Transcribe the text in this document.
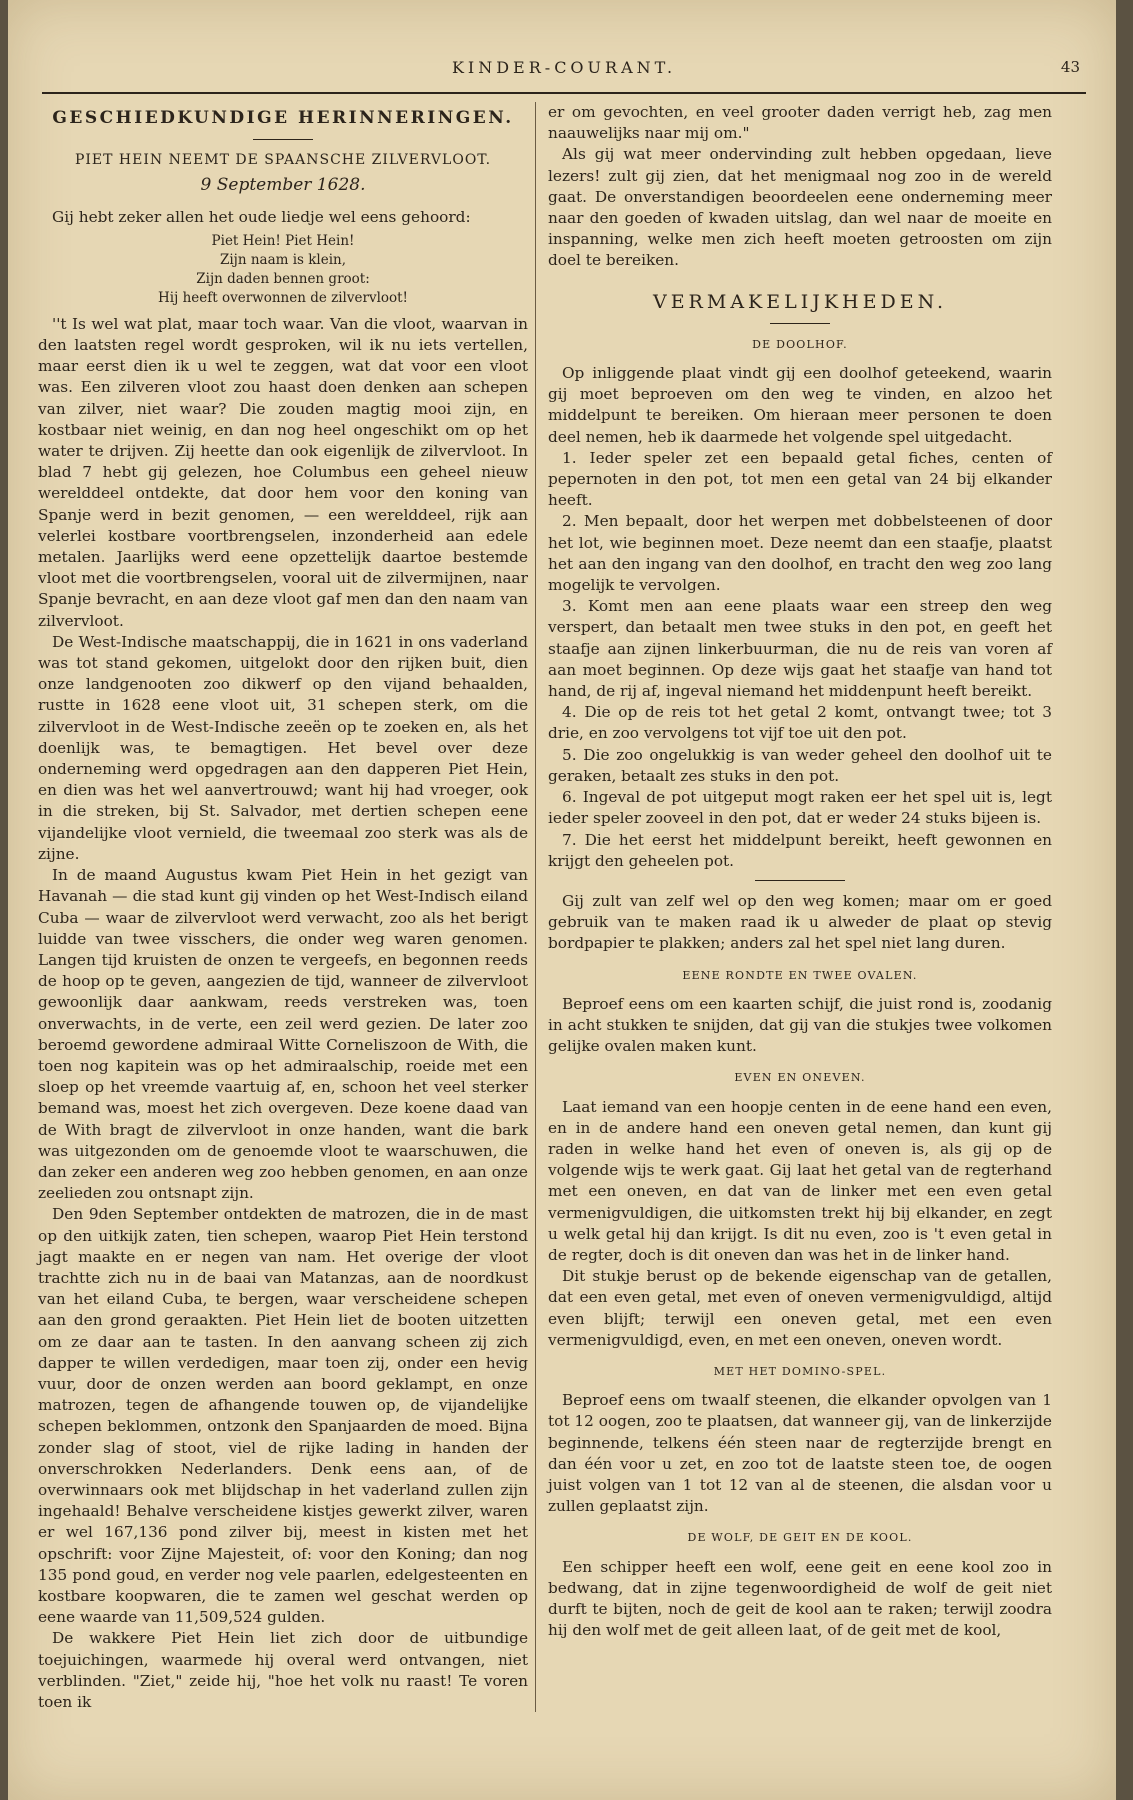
KINDER-COURANT.	43
GESCHIEDKUNDIGE HERINNERINGEN.
PIET HEIN NEEMT DE SPAANSCHE ZILVERVLOOT.
9 September 1628.

Gij hebt zeker allen het oude liedje wel eens gehoord:

Piet Hein! Piet Hein!
Zijn naam is klein,
Zijn daden bennen groot:
Hij heeft overwonnen de zilvervloot!

''t Is wel wat plat, maar toch waar. Van die vloot, waarvan in den laatsten regel wordt gesproken, wil ik nu iets vertellen, maar eerst dien ik u wel te zeggen, wat dat voor een vloot was. Een zilveren vloot zou haast doen denken aan schepen van zilver, niet waar? Die zouden magtig mooi zijn, en kostbaar niet weinig, en dan nog heel ongeschikt om op het water te drijven. Zij heette dan ook eigenlijk de zilvervloot. In blad 7 hebt gij gelezen, hoe Columbus een geheel nieuw werelddeel ontdekte, dat door hem voor den koning van Spanje werd in bezit genomen, — een werelddeel, rijk aan velerlei kostbare voortbrengselen, inzonderheid aan edele metalen. Jaarlijks werd eene opzettelijk daartoe bestemde vloot met die voortbrengselen, vooral uit de zilvermijnen, naar Spanje bevracht, en aan deze vloot gaf men dan den naam van zilvervloot.

De West-Indische maatschappij, die in 1621 in ons vaderland was tot stand gekomen, uitgelokt door den rijken buit, dien onze landgenooten zoo dikwerf op den vijand behaalden, rustte in 1628 eene vloot uit, 31 schepen sterk, om die zilvervloot in de West-Indische zeeën op te zoeken en, als het doenlijk was, te bemagtigen. Het bevel over deze onderneming werd opgedragen aan den dapperen Piet Hein, en dien was het wel aanvertrouwd; want hij had vroeger, ook in die streken, bij St. Salvador, met dertien schepen eene vijandelijke vloot vernield, die tweemaal zoo sterk was als de zijne.

In de maand Augustus kwam Piet Hein in het gezigt van Havanah — die stad kunt gij vinden op het West-Indisch eiland Cuba — waar de zilvervloot werd verwacht, zoo als het berigt luidde van twee visschers, die onder weg waren genomen. Langen tijd kruisten de onzen te vergeefs, en begonnen reeds de hoop op te geven, aangezien de tijd, wanneer de zilvervloot gewoonlijk daar aankwam, reeds verstreken was, toen onverwachts, in de verte, een zeil werd gezien. De later zoo beroemd gewordene admiraal Witte Corneliszoon de With, die toen nog kapitein was op het admiraalschip, roeide met een sloep op het vreemde vaartuig af, en, schoon het veel sterker bemand was, moest het zich overgeven. Deze koene daad van de With bragt de zilvervloot in onze handen, want die bark was uitgezonden om de genoemde vloot te waarschuwen, die dan zeker een anderen weg zoo hebben genomen, en aan onze zeelieden zou ontsnapt zijn.

Den 9den September ontdekten de matrozen, die in de mast op den uitkijk zaten, tien schepen, waarop Piet Hein terstond jagt maakte en er negen van nam. Het overige der vloot trachtte zich nu in de baai van Matanzas, aan de noordkust van het eiland Cuba, te bergen, waar verscheidene schepen aan den grond geraakten. Piet Hein liet de booten uitzetten om ze daar aan te tasten. In den aanvang scheen zij zich dapper te willen verdedigen, maar toen zij, onder een hevig vuur, door de onzen werden aan boord geklampt, en onze matrozen, tegen de afhangende touwen op, de vijandelijke schepen beklommen, ontzonk den Spanjaarden de moed. Bijna zonder slag of stoot, viel de rijke lading in handen der onverschrokken Nederlanders. Denk eens aan, of de overwinnaars ook met blijdschap in het vaderland zullen zijn ingehaald! Behalve verscheidene kistjes gewerkt zilver, waren er wel 167,136 pond zilver bij, meest in kisten met het opschrift: voor Zijne Majesteit, of: voor den Koning; dan nog 135 pond goud, en verder nog vele paarlen, edelgesteenten en kostbare koopwaren, die te zamen wel geschat werden op eene waarde van 11,509,524 gulden.

De wakkere Piet Hein liet zich door de uitbundige toejuichingen, waarmede hij overal werd ontvangen, niet verblinden. "Ziet," zeide hij, "hoe het volk nu raast! Te voren toen ik

er om gevochten, en veel grooter daden verrigt heb, zag men naauwelijks naar mij om."

Als gij wat meer ondervinding zult hebben opgedaan, lieve lezers! zult gij zien, dat het menigmaal nog zoo in de wereld gaat. De onverstandigen beoordeelen eene onderneming meer naar den goeden of kwaden uitslag, dan wel naar de moeite en inspanning, welke men zich heeft moeten getroosten om zijn doel te bereiken.

VERMAKELIJKHEDEN.
DE DOOLHOF.

Op inliggende plaat vindt gij een doolhof geteekend, waarin gij moet beproeven om den weg te vinden, en alzoo het middelpunt te bereiken. Om hieraan meer personen te doen deel nemen, heb ik daarmede het volgende spel uitgedacht.

1. Ieder speler zet een bepaald getal fiches, centen of pepernoten in den pot, tot men een getal van 24 bij elkander heeft.
2. Men bepaalt, door het werpen met dobbelsteenen of door het lot, wie beginnen moet. Deze neemt dan een staafje, plaatst het aan den ingang van den doolhof, en tracht den weg zoo lang mogelijk te vervolgen.
3. Komt men aan eene plaats waar een streep den weg verspert, dan betaalt men twee stuks in den pot, en geeft het staafje aan zijnen linkerbuurman, die nu de reis van voren af aan moet beginnen. Op deze wijs gaat het staafje van hand tot hand, de rij af, ingeval niemand het middenpunt heeft bereikt.
4. Die op de reis tot het getal 2 komt, ontvangt twee; tot 3 drie, en zoo vervolgens tot vijf toe uit den pot.
5. Die zoo ongelukkig is van weder geheel den doolhof uit te geraken, betaalt zes stuks in den pot.
6. Ingeval de pot uitgeput mogt raken eer het spel uit is, legt ieder speler zooveel in den pot, dat er weder 24 stuks bijeen is.
7. Die het eerst het middelpunt bereikt, heeft gewonnen en krijgt den geheelen pot.

Gij zult van zelf wel op den weg komen; maar om er goed gebruik van te maken raad ik u alweder de plaat op stevig bordpapier te plakken; anders zal het spel niet lang duren.

EENE RONDTE EN TWEE OVALEN.

Beproef eens om een kaarten schijf, die juist rond is, zoodanig in acht stukken te snijden, dat gij van die stukjes twee volkomen gelijke ovalen maken kunt.

EVEN EN ONEVEN.

Laat iemand van een hoopje centen in de eene hand een even, en in de andere hand een oneven getal nemen, dan kunt gij raden in welke hand het even of oneven is, als gij op de volgende wijs te werk gaat. Gij laat het getal van de regterhand met een oneven, en dat van de linker met een even getal vermenigvuldigen, die uitkomsten trekt hij bij elkander, en zegt u welk getal hij dan krijgt. Is dit nu even, zoo is 't even getal in de regter, doch is dit oneven dan was het in de linker hand.

Dit stukje berust op de bekende eigenschap van de getallen, dat een even getal, met even of oneven vermenigvuldigd, altijd even blijft; terwijl een oneven getal, met een even vermenigvuldigd, even, en met een oneven, oneven wordt.

MET HET DOMINO-SPEL.

Beproef eens om twaalf steenen, die elkander opvolgen van 1 tot 12 oogen, zoo te plaatsen, dat wanneer gij, van de linkerzijde beginnende, telkens één steen naar de regterzijde brengt en dan één voor u zet, en zoo tot de laatste steen toe, de oogen juist volgen van 1 tot 12 van al de steenen, die alsdan voor u zullen geplaatst zijn.

DE WOLF, DE GEIT EN DE KOOL.

Een schipper heeft een wolf, eene geit en eene kool zoo in bedwang, dat in zijne tegenwoordigheid de wolf de geit niet durft te bijten, noch de geit de kool aan te raken; terwijl zoodra hij den wolf met de geit alleen laat, of de geit met de kool,
